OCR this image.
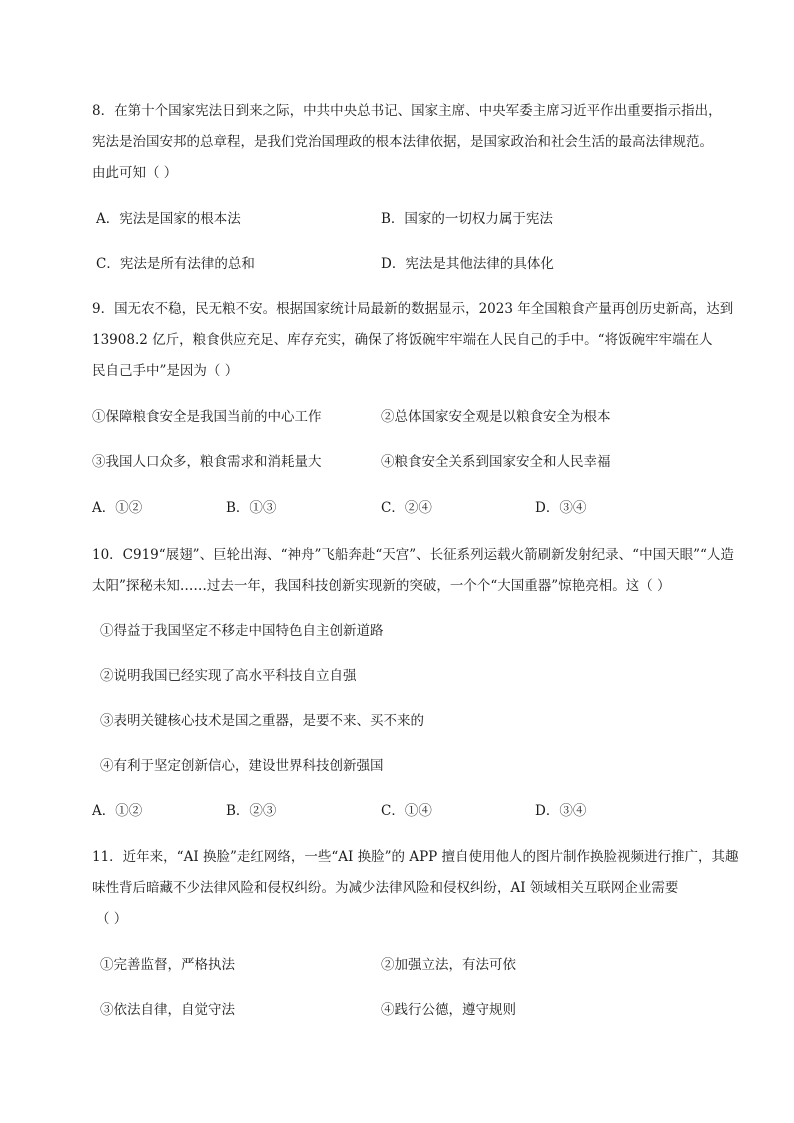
8．在第十个国家宪法日到来之际，中共中央总书记、国家主席、中央军委主席习近平作出重要指示指出，
宪法是治国安邦的总章程，是我们党治国理政的根本法律依据，是国家政治和社会生活的最高法律规范。
由此可知（ ）
A．宪法是国家的根本法	B．国家的一切权力属于宪法
C．宪法是所有法律的总和	D．宪法是其他法律的具体化
9．国无农不稳，民无粮不安。根据国家统计局最新的数据显示，2023 年全国粮食产量再创历史新高，达到
13908.2 亿斤，粮食供应充足、库存充实，确保了将饭碗牢牢端在人民自己的手中。“将饭碗牢牢端在人
民自己手中”是因为（ ）
①保障粮食安全是我国当前的中心工作	②总体国家安全观是以粮食安全为根本
③我国人口众多，粮食需求和消耗量大	④粮食安全关系到国家安全和人民幸福
A．①②	B．①③	C．②④	D．③④
10．C919“展翅”、巨轮出海、“神舟”飞船奔赴“天宫”、长征系列运载火箭刷新发射纪录、“中国天眼”“人造
太阳”探秘未知……过去一年，我国科技创新实现新的突破，一个个“大国重器”惊艳亮相。这（ ）
①得益于我国坚定不移走中国特色自主创新道路
②说明我国已经实现了高水平科技自立自强
③表明关键核心技术是国之重器，是要不来、买不来的
④有利于坚定创新信心，建设世界科技创新强国
A．①②	B．②③	C．①④	D．③④
11．近年来，“AI 换脸”走红网络，一些“AI 换脸”的 APP 擅自使用他人的图片制作换脸视频进行推广，其趣
味性背后暗藏不少法律风险和侵权纠纷。为减少法律风险和侵权纠纷，AI 领域相关互联网企业需要
（ ）
①完善监督，严格执法	②加强立法，有法可依
③依法自律，自觉守法	④践行公德，遵守规则
